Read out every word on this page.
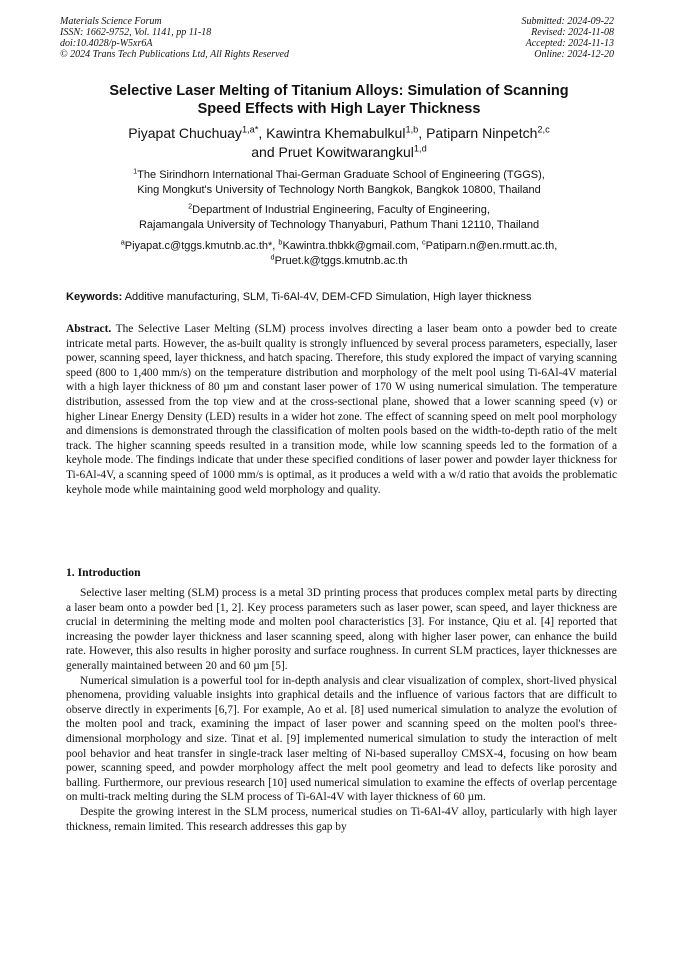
Materials Science Forum
ISSN: 1662-9752, Vol. 1141, pp 11-18
doi:10.4028/p-W5xr6A
© 2024 Trans Tech Publications Ltd, All Rights Reserved
Submitted: 2024-09-22
Revised: 2024-11-08
Accepted: 2024-11-13
Online: 2024-12-20
Selective Laser Melting of Titanium Alloys: Simulation of Scanning
Speed Effects with High Layer Thickness
Piyapat Chuchuay$^{1,a*}$, Kawintra Khemabulkul$^{1,b}$, Patiparn Ninpetch$^{2,c}$
and Pruet Kowitwarangkul$^{1,d}$
$^1$The Sirindhorn International Thai-German Graduate School of Engineering (TGGS),
King Mongkut's University of Technology North Bangkok, Bangkok 10800, Thailand
$^2$Department of Industrial Engineering, Faculty of Engineering,
Rajamangala University of Technology Thanyaburi, Pathum Thani 12110, Thailand
$^a$Piyapat.c@tggs.kmutnb.ac.th*, $^b$Kawintra.thbkk@gmail.com, $^c$Patiparn.n@en.rmutt.ac.th,
$^d$Pruet.k@tggs.kmutnb.ac.th
Keywords: Additive manufacturing, SLM, Ti-6Al-4V, DEM-CFD Simulation, High layer thickness

Abstract. The Selective Laser Melting (SLM) process involves directing a laser beam onto a powder bed to create intricate metal parts. However, the as-built quality is strongly influenced by several process parameters, especially, laser power, scanning speed, layer thickness, and hatch spacing. Therefore, this study explored the impact of varying scanning speed (800 to 1,400 mm/s) on the temperature distribution and morphology of the melt pool using Ti-6Al-4V material with a high layer thickness of 80 µm and constant laser power of 170 W using numerical simulation. The temperature distribution, assessed from the top view and at the cross-sectional plane, showed that a lower scanning speed (v) or higher Linear Energy Density (LED) results in a wider hot zone. The effect of scanning speed on melt pool morphology and dimensions is demonstrated through the classification of molten pools based on the width-to-depth ratio of the melt track. The higher scanning speeds resulted in a transition mode, while low scanning speeds led to the formation of a keyhole mode. The findings indicate that under these specified conditions of laser power and powder layer thickness for Ti-6Al-4V, a scanning speed of 1000 mm/s is optimal, as it produces a weld with a w/d ratio that avoids the problematic keyhole mode while maintaining good weld morphology and quality.

1. Introduction

Selective laser melting (SLM) process is a metal 3D printing process that produces complex metal parts by directing a laser beam onto a powder bed [1, 2]. Key process parameters such as laser power, scan speed, and layer thickness are crucial in determining the melting mode and molten pool characteristics [3]. For instance, Qiu et al. [4] reported that increasing the powder layer thickness and laser scanning speed, along with higher laser power, can enhance the build rate. However, this also results in higher porosity and surface roughness. In current SLM practices, layer thicknesses are generally maintained between 20 and 60 µm [5].

Numerical simulation is a powerful tool for in-depth analysis and clear visualization of complex, short-lived physical phenomena, providing valuable insights into graphical details and the influence of various factors that are difficult to observe directly in experiments [6,7]. For example, Ao et al. [8] used numerical simulation to analyze the evolution of the molten pool and track, examining the impact of laser power and scanning speed on the molten pool's three-dimensional morphology and size. Tinat et al. [9] implemented numerical simulation to study the interaction of melt pool behavior and heat transfer in single-track laser melting of Ni-based superalloy CMSX-4, focusing on how beam power, scanning speed, and powder morphology affect the melt pool geometry and lead to defects like porosity and balling. Furthermore, our previous research [10] used numerical simulation to examine the effects of overlap percentage on multi-track melting during the SLM process of Ti-6Al-4V with layer thickness of 60 µm.

Despite the growing interest in the SLM process, numerical studies on Ti-6Al-4V alloy, particularly with high layer thickness, remain limited. This research addresses this gap by
